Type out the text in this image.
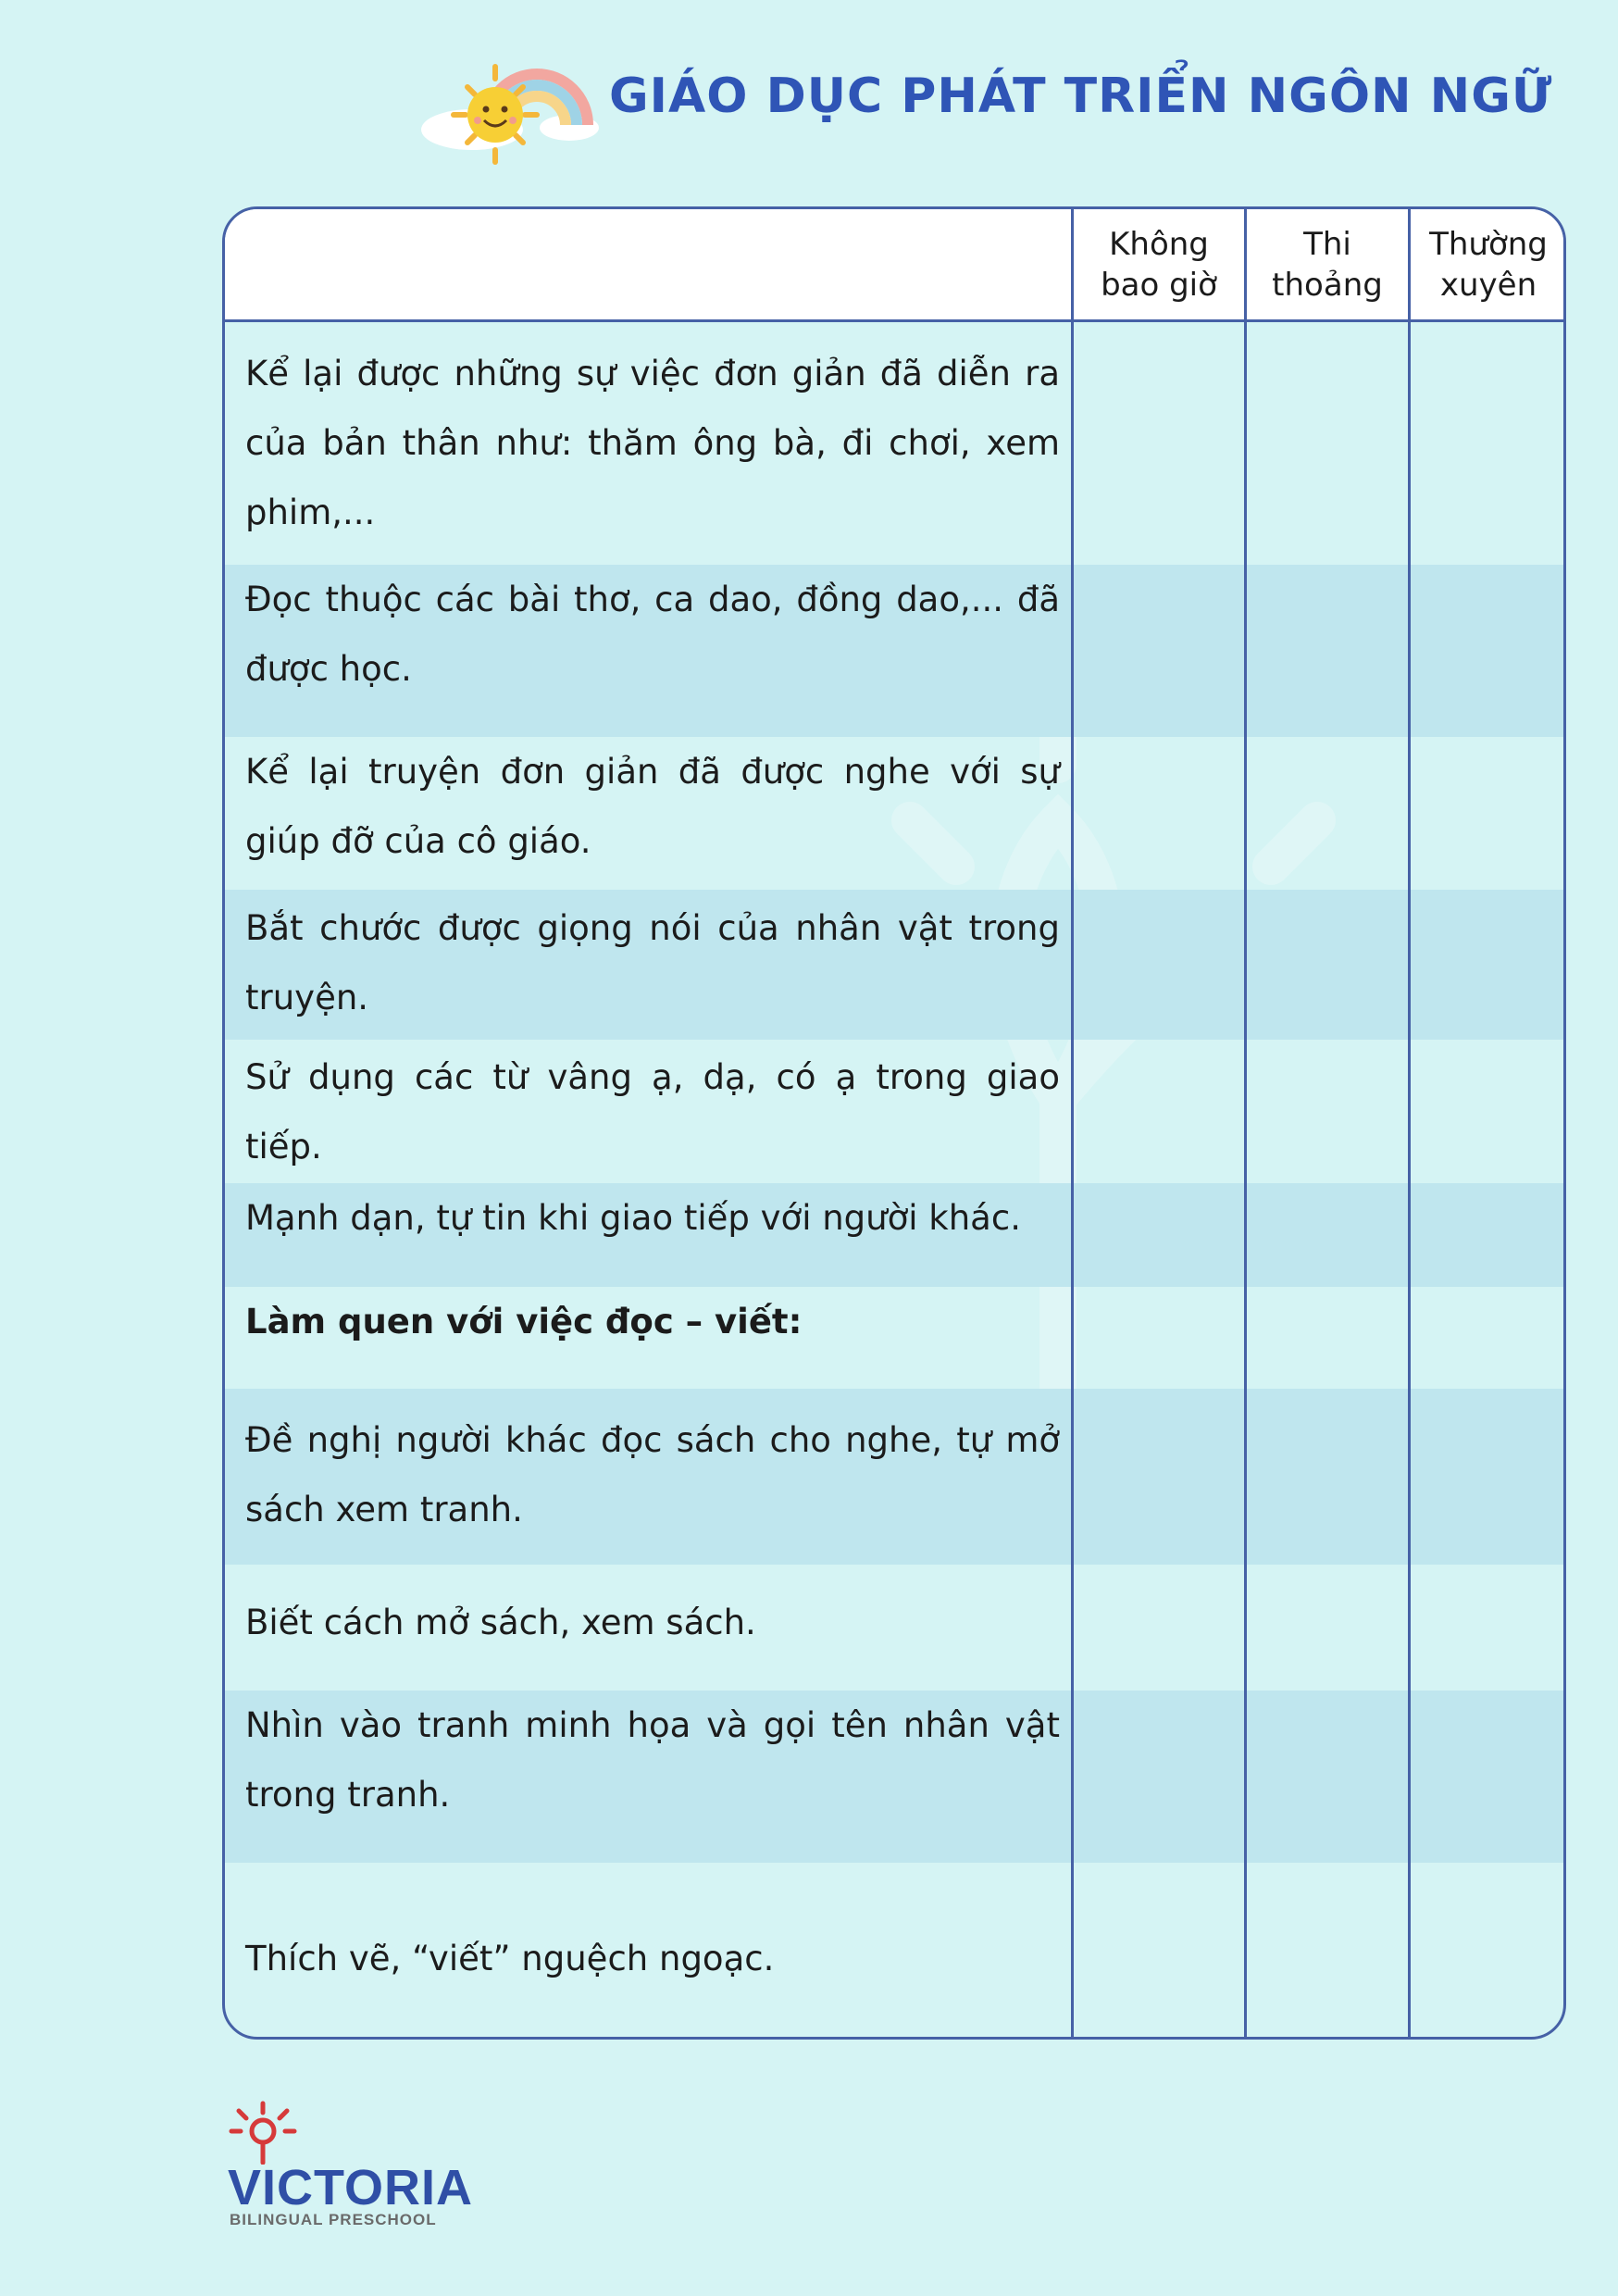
GIÁO DỤC PHÁT TRIỂN NGÔN NGỮ
Không
bao giờ
Thi
thoảng
Thường
xuyên
Kể lại được những sự việc đơn giản đã diễn ra của bản thân như: thăm ông bà, đi chơi, xem phim,...
Đọc thuộc các bài thơ, ca dao, đồng dao,... đã được học.
Kể lại truyện đơn giản đã được nghe với sự giúp đỡ của cô giáo.
Bắt chước được giọng nói của nhân vật trong truyện.
Sử dụng các từ vâng ạ, dạ, có ạ trong giao tiếp.
Mạnh dạn, tự tin khi giao tiếp với người khác.
Làm quen với việc đọc – viết:
Đề nghị người khác đọc sách cho nghe, tự mở sách xem tranh.
Biết cách mở sách, xem sách.
Nhìn vào tranh minh họa và gọi tên nhân vật trong tranh.
Thích vẽ, “viết” nguệch ngoạc.
VICTORIA
BILINGUAL PRESCHOOL
